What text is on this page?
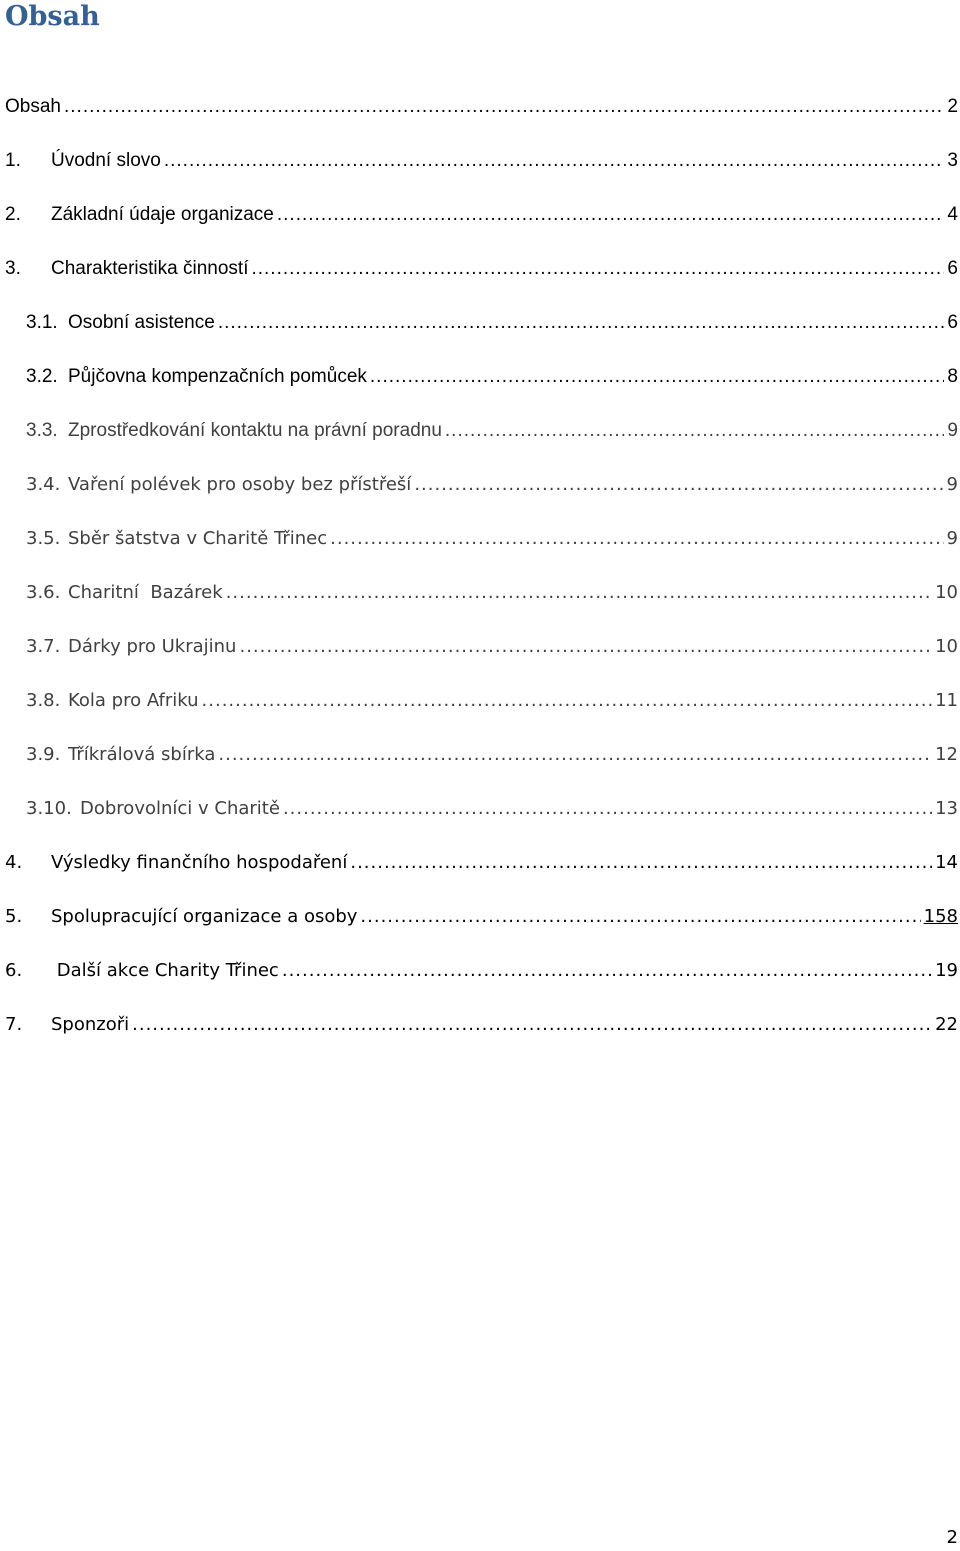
Obsah
Obsah .....	2
1.	Úvodní slovo .....	3
2.	Základní údaje organizace .....	4
3.	Charakteristika činností .....	6
3.1. Osobní asistence .....	6
3.2. Půjčovna kompenzačních pomůcek .....	8
3.3. Zprostředkování kontaktu na právní poradnu .....	9
3.4. Vaření polévek pro osoby bez přístřeší .....	9
3.5. Sběr šatstva v Charitě Třinec .....	9
3.6. Charitní  Bazárek .....	10
3.7. Dárky pro Ukrajinu .....	10
3.8. Kola pro Afriku .....	11
3.9. Tříkrálová sbírka .....	12
3.10. Dobrovolníci v Charitě .....	13
4.	Výsledky finančního hospodaření .....	14
5.	Spolupracující organizace a osoby .....	158
6.	Další akce Charity Třinec .....	19
7.	Sponzoři .....	22
2
